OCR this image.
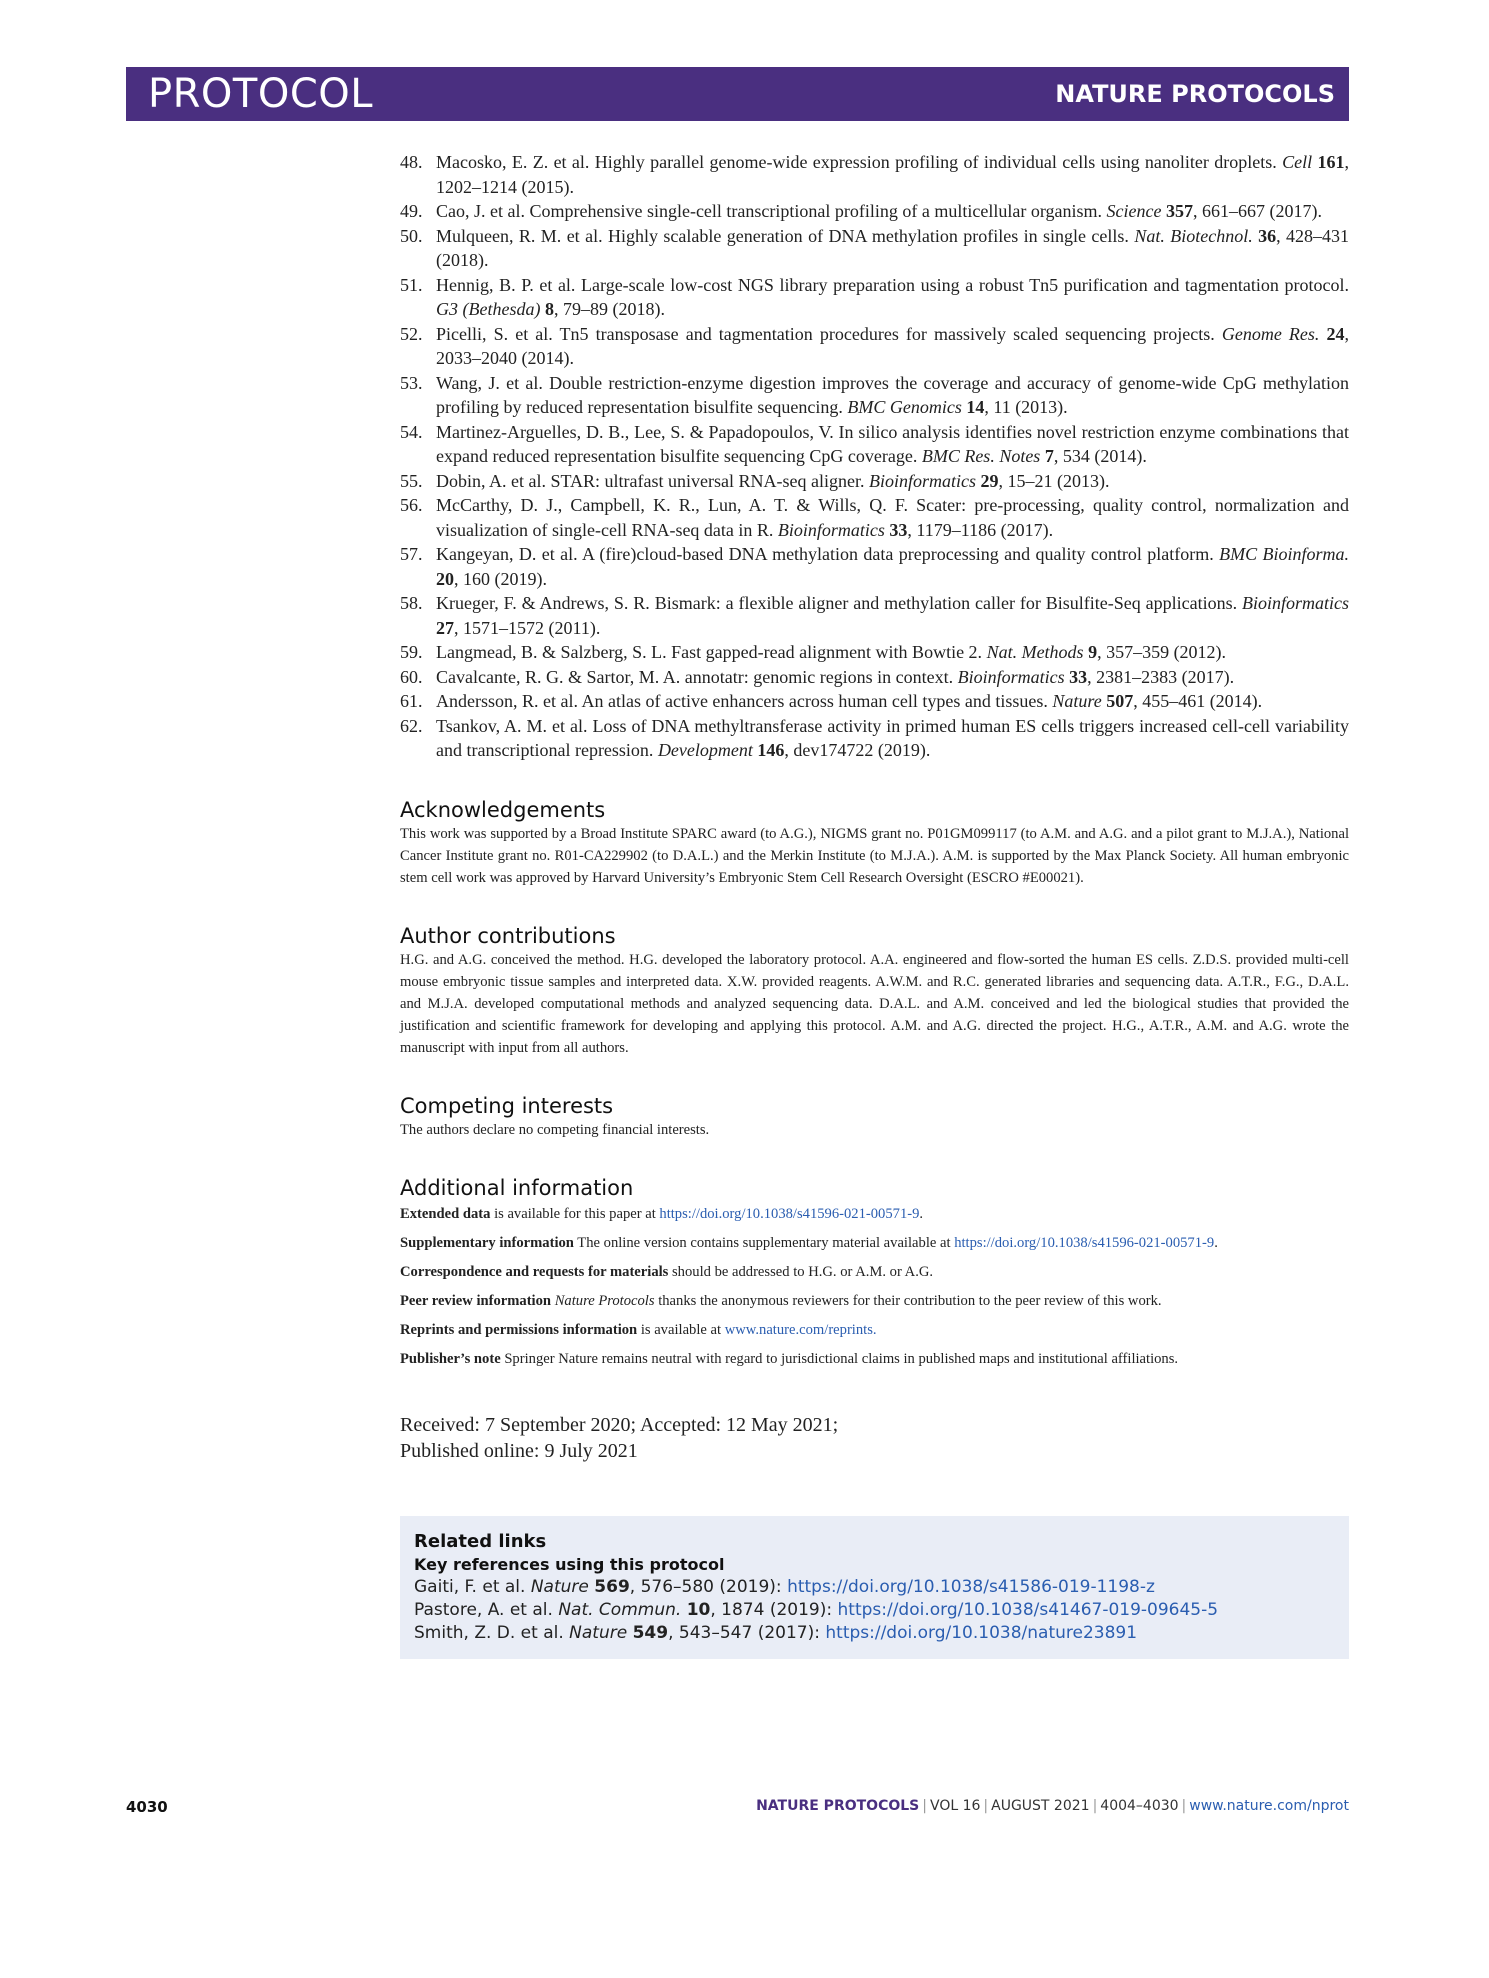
PROTOCOL	NATURE PROTOCOLS
48. Macosko, E. Z. et al. Highly parallel genome-wide expression profiling of individual cells using nanoliter droplets. Cell 161, 1202–1214 (2015).
49. Cao, J. et al. Comprehensive single-cell transcriptional profiling of a multicellular organism. Science 357, 661–667 (2017).
50. Mulqueen, R. M. et al. Highly scalable generation of DNA methylation profiles in single cells. Nat. Biotechnol. 36, 428–431 (2018).
51. Hennig, B. P. et al. Large-scale low-cost NGS library preparation using a robust Tn5 purification and tagmentation protocol. G3 (Bethesda) 8, 79–89 (2018).
52. Picelli, S. et al. Tn5 transposase and tagmentation procedures for massively scaled sequencing projects. Genome Res. 24, 2033–2040 (2014).
53. Wang, J. et al. Double restriction-enzyme digestion improves the coverage and accuracy of genome-wide CpG methylation profiling by reduced representation bisulfite sequencing. BMC Genomics 14, 11 (2013).
54. Martinez-Arguelles, D. B., Lee, S. & Papadopoulos, V. In silico analysis identifies novel restriction enzyme combinations that expand reduced representation bisulfite sequencing CpG coverage. BMC Res. Notes 7, 534 (2014).
55. Dobin, A. et al. STAR: ultrafast universal RNA-seq aligner. Bioinformatics 29, 15–21 (2013).
56. McCarthy, D. J., Campbell, K. R., Lun, A. T. & Wills, Q. F. Scater: pre-processing, quality control, normalization and visualization of single-cell RNA-seq data in R. Bioinformatics 33, 1179–1186 (2017).
57. Kangeyan, D. et al. A (fire)cloud-based DNA methylation data preprocessing and quality control platform. BMC Bioinforma. 20, 160 (2019).
58. Krueger, F. & Andrews, S. R. Bismark: a flexible aligner and methylation caller for Bisulfite-Seq applications. Bioinformatics 27, 1571–1572 (2011).
59. Langmead, B. & Salzberg, S. L. Fast gapped-read alignment with Bowtie 2. Nat. Methods 9, 357–359 (2012).
60. Cavalcante, R. G. & Sartor, M. A. annotatr: genomic regions in context. Bioinformatics 33, 2381–2383 (2017).
61. Andersson, R. et al. An atlas of active enhancers across human cell types and tissues. Nature 507, 455–461 (2014).
62. Tsankov, A. M. et al. Loss of DNA methyltransferase activity in primed human ES cells triggers increased cell-cell variability and transcriptional repression. Development 146, dev174722 (2019).
Acknowledgements

This work was supported by a Broad Institute SPARC award (to A.G.), NIGMS grant no. P01GM099117 (to A.M. and A.G. and a pilot grant to M.J.A.), National Cancer Institute grant no. R01-CA229902 (to D.A.L.) and the Merkin Institute (to M.J.A.). A.M. is supported by the Max Planck Society. All human embryonic stem cell work was approved by Harvard University’s Embryonic Stem Cell Research Oversight (ESCRO #E00021).

Author contributions

H.G. and A.G. conceived the method. H.G. developed the laboratory protocol. A.A. engineered and flow-sorted the human ES cells. Z.D.S. provided multi-cell mouse embryonic tissue samples and interpreted data. X.W. provided reagents. A.W.M. and R.C. generated libraries and sequencing data. A.T.R., F.G., D.A.L. and M.J.A. developed computational methods and analyzed sequencing data. D.A.L. and A.M. conceived and led the biological studies that provided the justification and scientific framework for developing and applying this protocol. A.M. and A.G. directed the project. H.G., A.T.R., A.M. and A.G. wrote the manuscript with input from all authors.

Competing interests

The authors declare no competing financial interests.

Additional information

Extended data is available for this paper at https://doi.org/10.1038/s41596-021-00571-9.

Supplementary information The online version contains supplementary material available at https://doi.org/10.1038/s41596-021-00571-9.

Correspondence and requests for materials should be addressed to H.G. or A.M. or A.G.

Peer review information Nature Protocols thanks the anonymous reviewers for their contribution to the peer review of this work.

Reprints and permissions information is available at www.nature.com/reprints.

Publisher’s note Springer Nature remains neutral with regard to jurisdictional claims in published maps and institutional affiliations.

Received: 7 September 2020; Accepted: 12 May 2021;
Published online: 9 July 2021
Related links
Key references using this protocol
Gaiti, F. et al. Nature 569, 576–580 (2019): https://doi.org/10.1038/s41586-019-1198-z
Pastore, A. et al. Nat. Commun. 10, 1874 (2019): https://doi.org/10.1038/s41467-019-09645-5
Smith, Z. D. et al. Nature 549, 543–547 (2017): https://doi.org/10.1038/nature23891
4030	NATURE PROTOCOLS | VOL 16 | AUGUST 2021 | 4004–4030 | www.nature.com/nprot
